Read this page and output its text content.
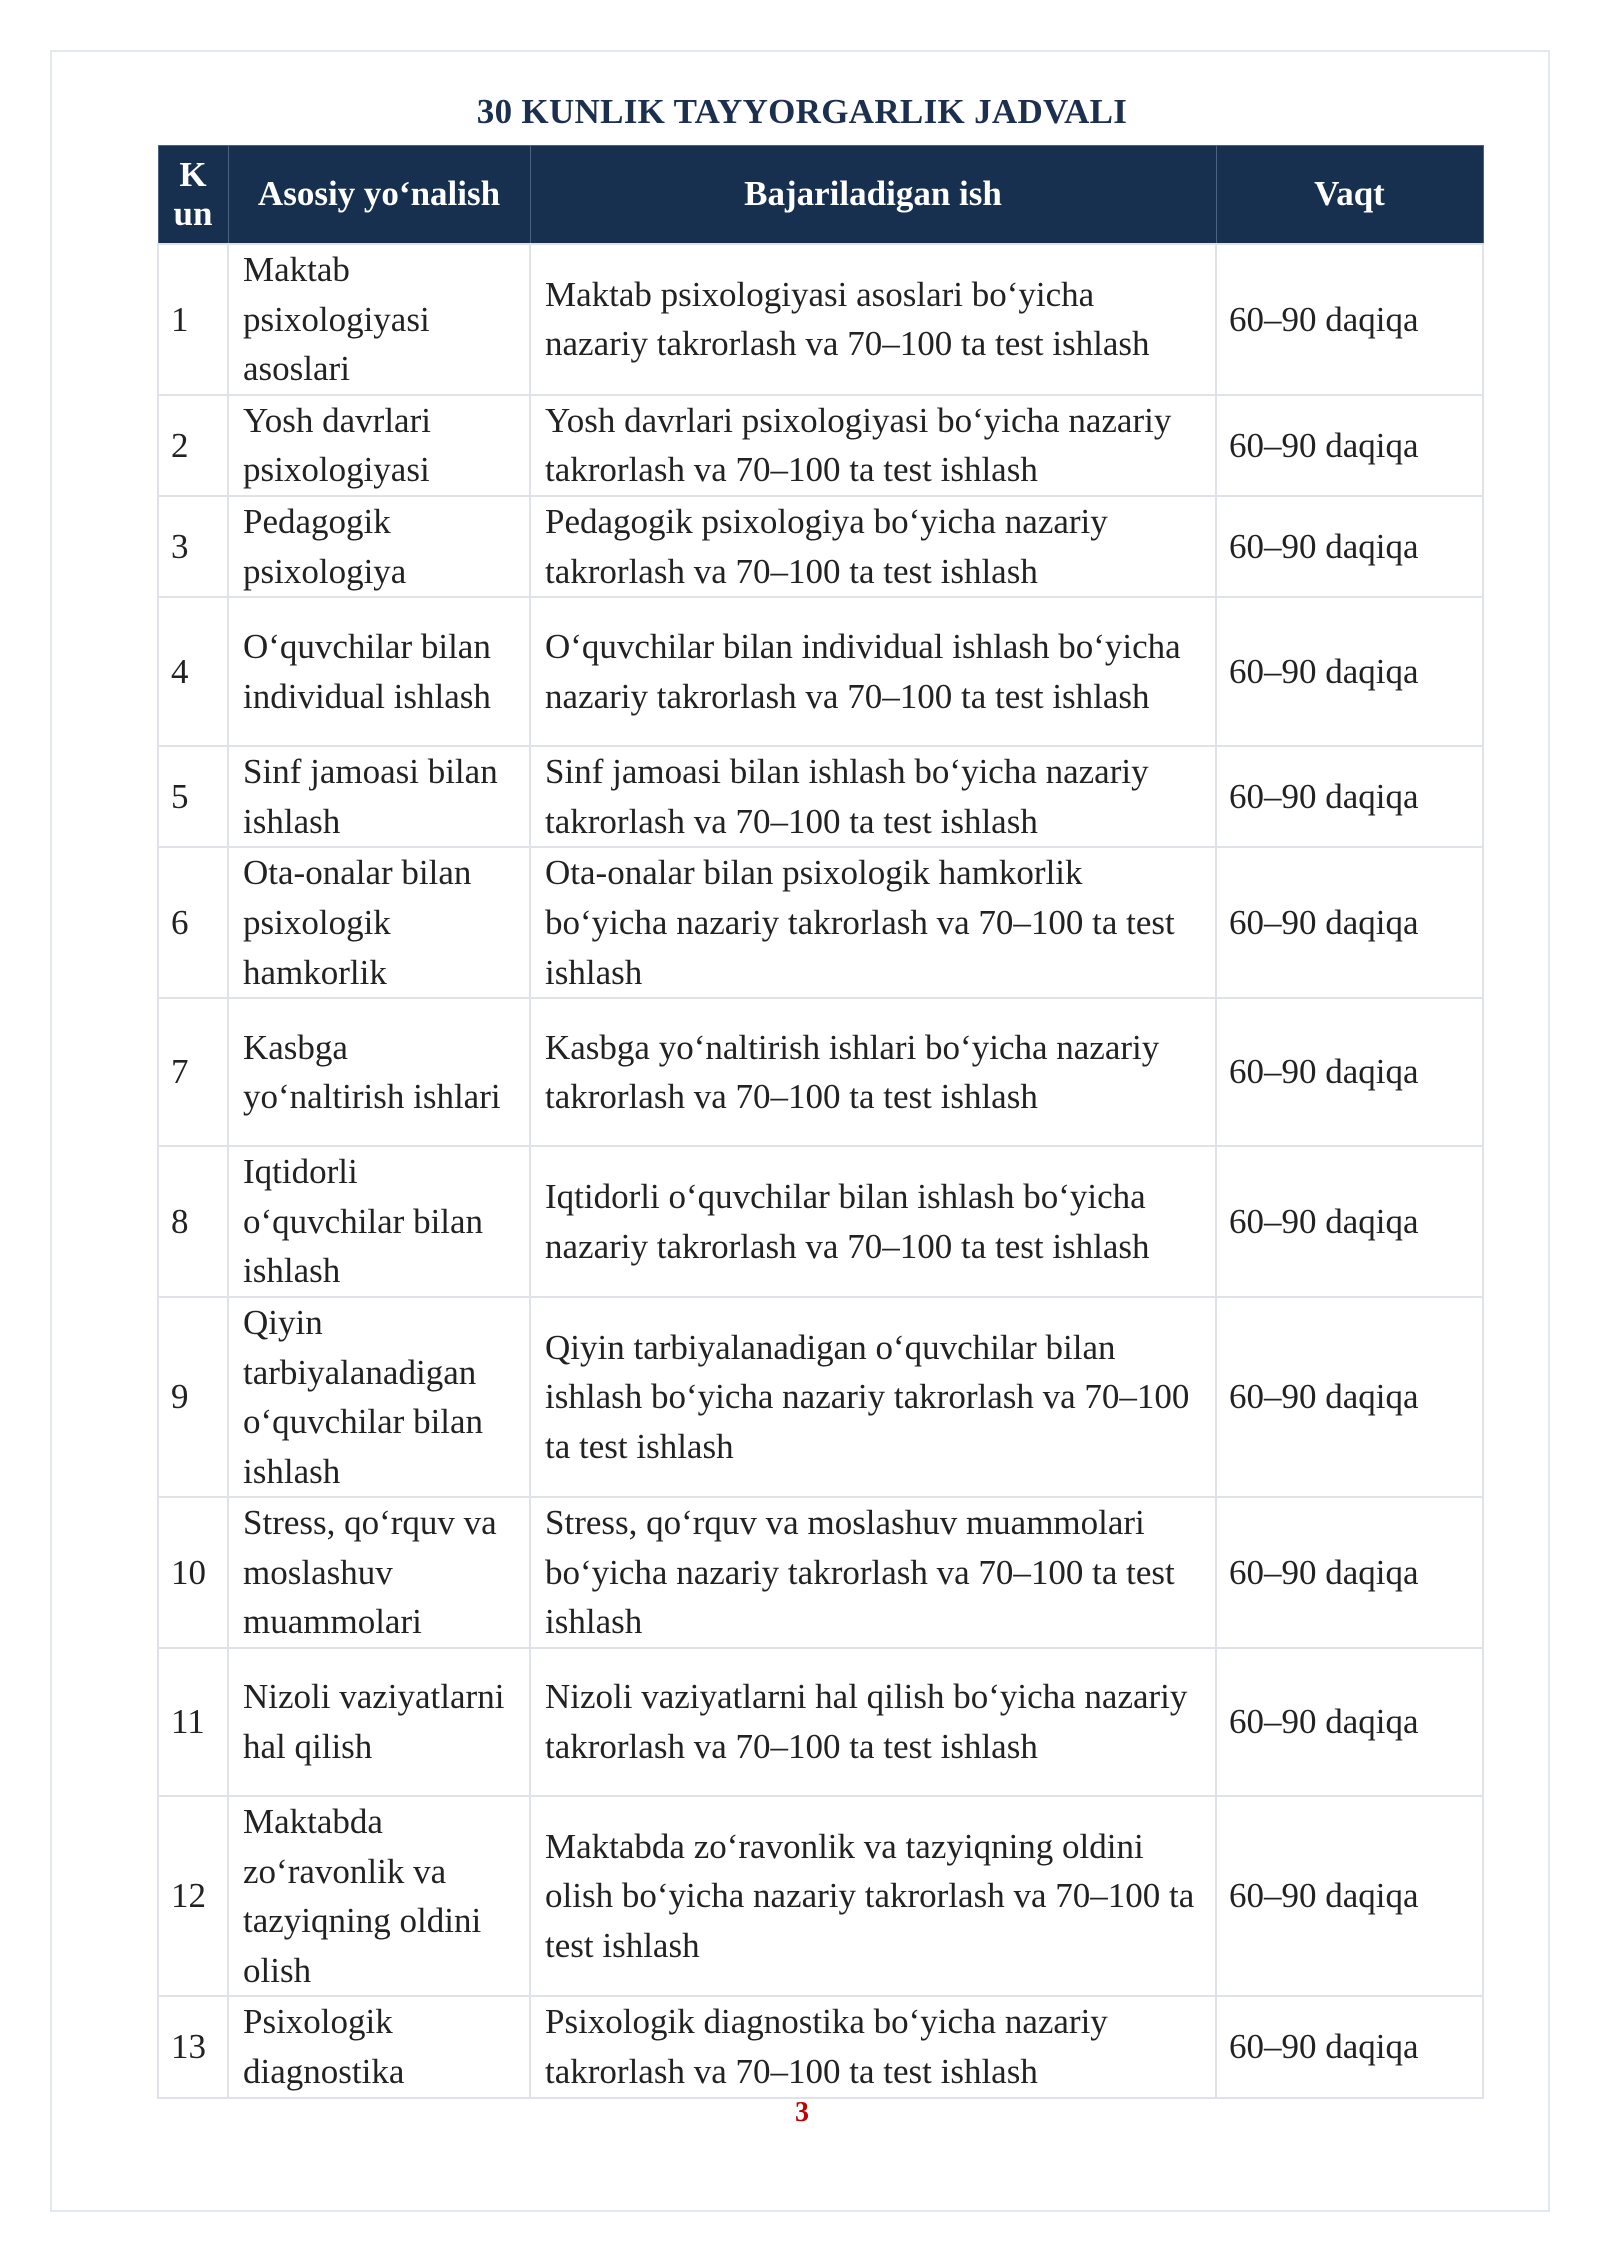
30 KUNLIK TAYYORGARLIK JADVALI
K
un	Asosiy yo‘nalish	Bajariladigan ish	Vaqt
1	Maktab psixologiyasi asoslari	Maktab psixologiyasi asoslari bo‘yicha nazariy takrorlash va 70–100 ta test ishlash	60–90 daqiqa
2	Yosh davrlari psixologiyasi	Yosh davrlari psixologiyasi bo‘yicha nazariy takrorlash va 70–100 ta test ishlash	60–90 daqiqa
3	Pedagogik psixologiya	Pedagogik psixologiya bo‘yicha nazariy takrorlash va 70–100 ta test ishlash	60–90 daqiqa
4	O‘quvchilar bilan individual ishlash	O‘quvchilar bilan individual ishlash bo‘yicha nazariy takrorlash va 70–100 ta test ishlash	60–90 daqiqa
5	Sinf jamoasi bilan ishlash	Sinf jamoasi bilan ishlash bo‘yicha nazariy takrorlash va 70–100 ta test ishlash	60–90 daqiqa
6	Ota-onalar bilan psixologik hamkorlik	Ota-onalar bilan psixologik hamkorlik bo‘yicha nazariy takrorlash va 70–100 ta test ishlash	60–90 daqiqa
7	Kasbga yo‘naltirish ishlari	Kasbga yo‘naltirish ishlari bo‘yicha nazariy takrorlash va 70–100 ta test ishlash	60–90 daqiqa
8	Iqtidorli o‘quvchilar bilan ishlash	Iqtidorli o‘quvchilar bilan ishlash bo‘yicha nazariy takrorlash va 70–100 ta test ishlash	60–90 daqiqa
9	Qiyin tarbiyalanadigan o‘quvchilar bilan ishlash	Qiyin tarbiyalanadigan o‘quvchilar bilan ishlash bo‘yicha nazariy takrorlash va 70–100 ta test ishlash	60–90 daqiqa
10	Stress, qo‘rquv va moslashuv muammolari	Stress, qo‘rquv va moslashuv muammolari bo‘yicha nazariy takrorlash va 70–100 ta test ishlash	60–90 daqiqa
11	Nizoli vaziyatlarni hal qilish	Nizoli vaziyatlarni hal qilish bo‘yicha nazariy takrorlash va 70–100 ta test ishlash	60–90 daqiqa
12	Maktabda zo‘ravonlik va tazyiqning oldini olish	Maktabda zo‘ravonlik va tazyiqning oldini olish bo‘yicha nazariy takrorlash va 70–100 ta test ishlash	60–90 daqiqa
13	Psixologik diagnostika	Psixologik diagnostika bo‘yicha nazariy takrorlash va 70–100 ta test ishlash	60–90 daqiqa
3
